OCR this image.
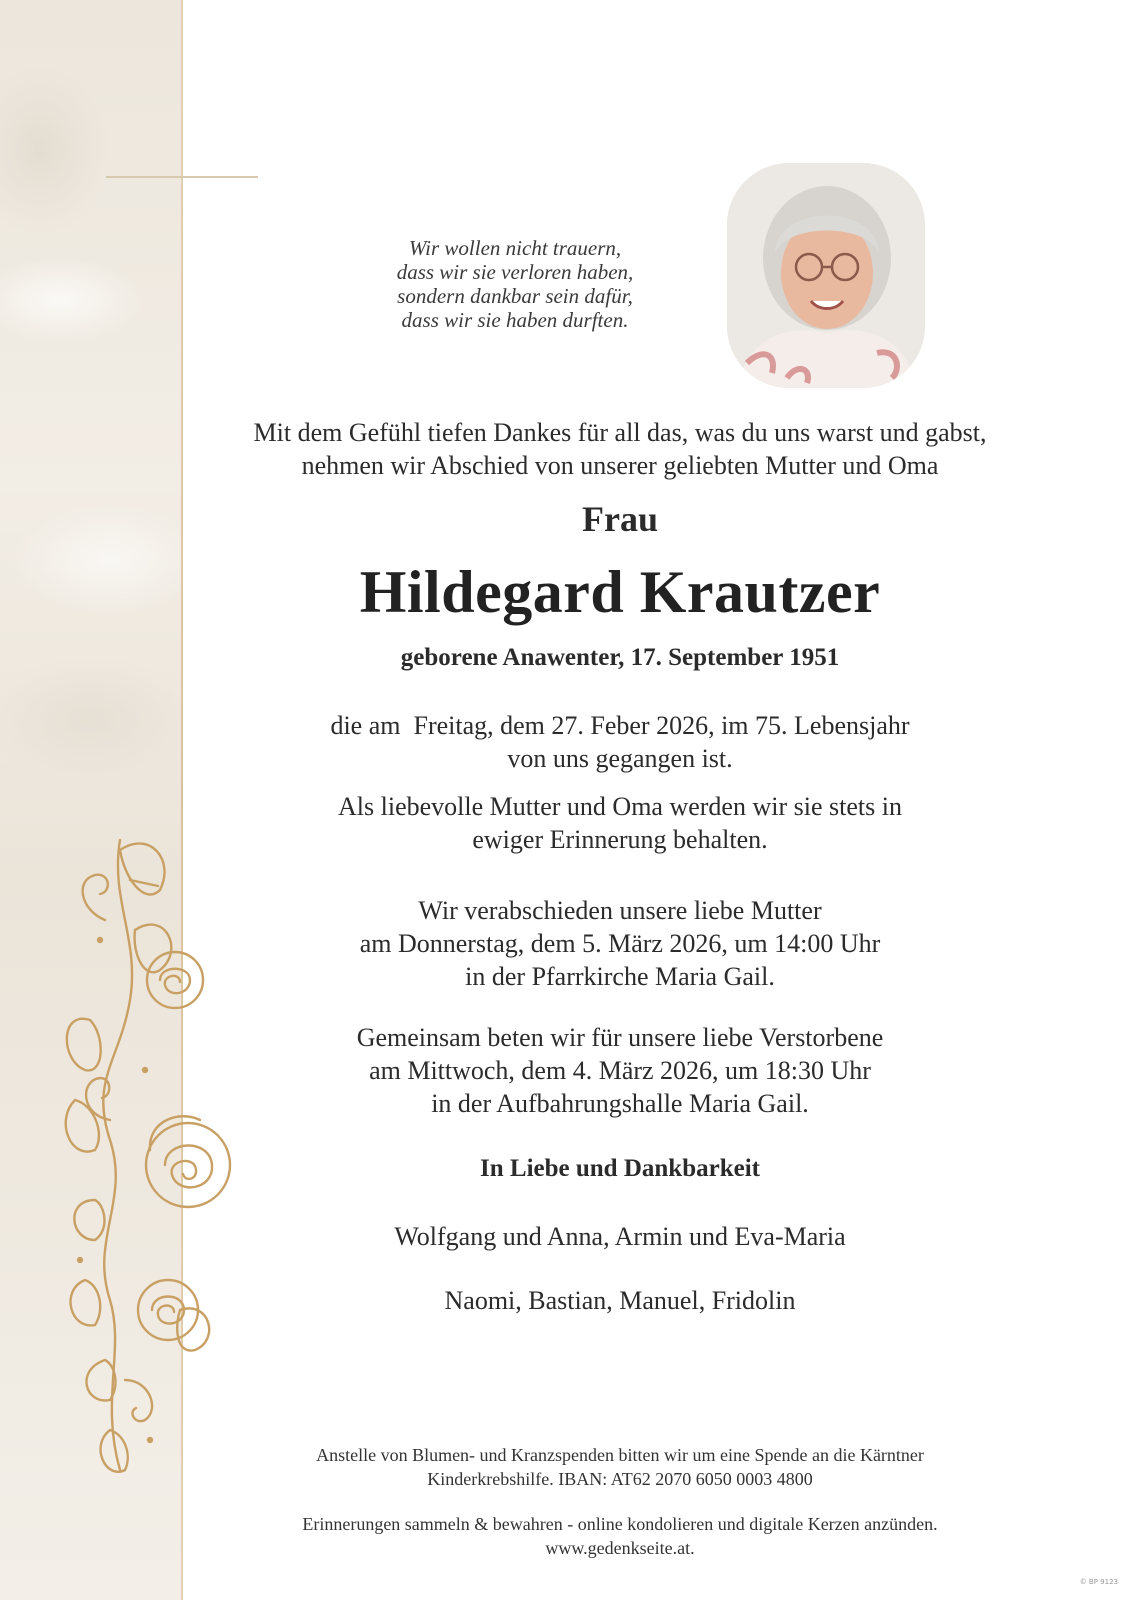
Wir wollen nicht trauern,
dass wir sie verloren haben,
sondern dankbar sein dafür,
dass wir sie haben durften.
Mit dem Gefühl tiefen Dankes für all das, was du uns warst und gabst,
nehmen wir Abschied von unserer geliebten Mutter und Oma
Frau
Hildegard Krautzer
geborene Anawenter, 17. September 1951
die am  Freitag, dem 27. Feber 2026, im 75. Lebensjahr
von uns gegangen ist.
Als liebevolle Mutter und Oma werden wir sie stets in
ewiger Erinnerung behalten.
Wir verabschieden unsere liebe Mutter
am Donnerstag, dem 5. März 2026, um 14:00 Uhr
in der Pfarrkirche Maria Gail.
Gemeinsam beten wir für unsere liebe Verstorbene
am Mittwoch, dem 4. März 2026, um 18:30 Uhr
in der Aufbahrungshalle Maria Gail.
In Liebe und Dankbarkeit
Wolfgang und Anna, Armin und Eva-Maria
Naomi, Bastian, Manuel, Fridolin
Anstelle von Blumen- und Kranzspenden bitten wir um eine Spende an die Kärntner
Kinderkrebshilfe. IBAN: AT62 2070 6050 0003 4800
Erinnerungen sammeln & bewahren - online kondolieren und digitale Kerzen anzünden.
www.gedenkseite.at.
© BP 9123
